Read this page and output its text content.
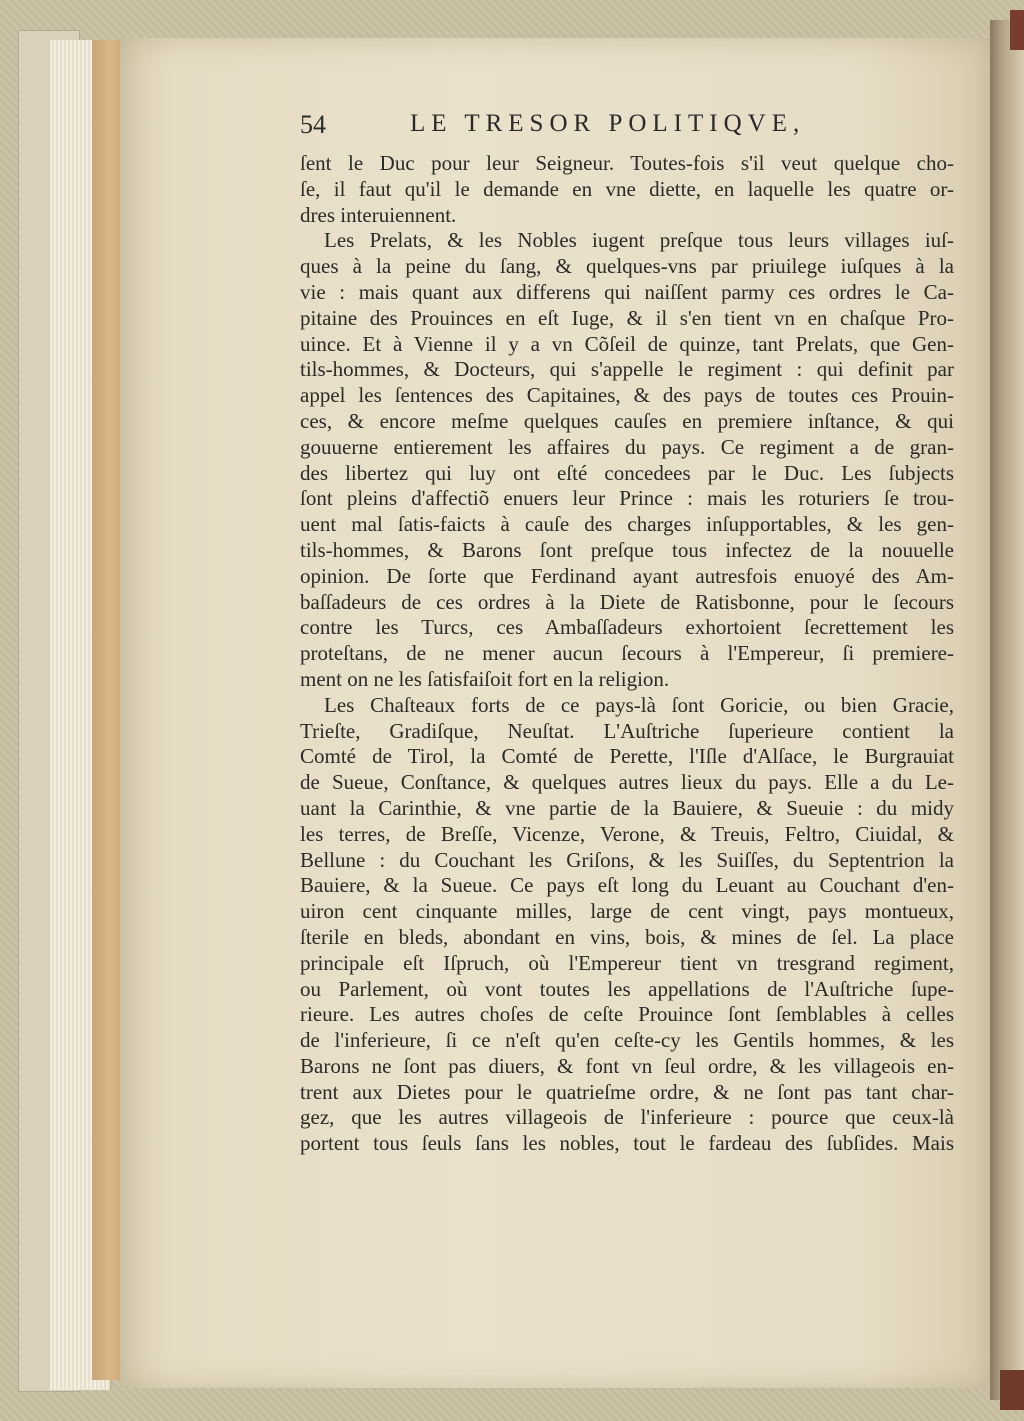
54	LE TRESOR POLITIQVE,
ſent le Duc pour leur Seigneur. Toutes-fois s'il veut quelque cho-
ſe, il faut qu'il le demande en vne diette, en laquelle les quatre or-
dres interuiennent.
Les Prelats, & les Nobles iugent preſque tous leurs villages iuſ-
ques à la peine du ſang, & quelques-vns par priuilege iuſques à la
vie : mais quant aux differens qui naiſſent parmy ces ordres le Ca-
pitaine des Prouinces en eſt Iuge, & il s'en tient vn en chaſque Pro-
uince. Et à Vienne il y a vn Cõſeil de quinze, tant Prelats, que Gen-
tils-hommes, & Docteurs, qui s'appelle le regiment : qui definit par
appel les ſentences des Capitaines, & des pays de toutes ces Prouin-
ces, & encore meſme quelques cauſes en premiere inſtance, & qui
gouuerne entierement les affaires du pays. Ce regiment a de gran-
des libertez qui luy ont eſté concedees par le Duc. Les ſubjects
ſont pleins d'affectiõ enuers leur Prince : mais les roturiers ſe trou-
uent mal ſatis-faicts à cauſe des charges inſupportables, & les gen-
tils-hommes, & Barons ſont preſque tous infectez de la nouuelle
opinion. De ſorte que Ferdinand ayant autresfois enuoyé des Am-
baſſadeurs de ces ordres à la Diete de Ratisbonne, pour le ſecours
contre les Turcs, ces Ambaſſadeurs exhortoient ſecrettement les
proteſtans, de ne mener aucun ſecours à l'Empereur, ſi premiere-
ment on ne les ſatisfaiſoit fort en la religion.
Les Chaſteaux forts de ce pays-là ſont Goricie, ou bien Gracie,
Trieſte, Gradiſque, Neuſtat. L'Auſtriche ſuperieure contient la
Comté de Tirol, la Comté de Perette, l'Iſle d'Alſace, le Burgrauiat
de Sueue, Conſtance, & quelques autres lieux du pays. Elle a du Le-
uant la Carinthie, & vne partie de la Bauiere, & Sueuie : du midy
les terres, de Breſſe, Vicenze, Verone, & Treuis, Feltro, Ciuidal, &
Bellune : du Couchant les Griſons, & les Suiſſes, du Septentrion la
Bauiere, & la Sueue. Ce pays eſt long du Leuant au Couchant d'en-
uiron cent cinquante milles, large de cent vingt, pays montueux,
ſterile en bleds, abondant en vins, bois, & mines de ſel. La place
principale eſt Iſpruch, où l'Empereur tient vn tresgrand regiment,
ou Parlement, où vont toutes les appellations de l'Auſtriche ſupe-
rieure. Les autres choſes de ceſte Prouince ſont ſemblables à celles
de l'inferieure, ſi ce n'eſt qu'en ceſte-cy les Gentils hommes, & les
Barons ne ſont pas diuers, & font vn ſeul ordre, & les villageois en-
trent aux Dietes pour le quatrieſme ordre, & ne ſont pas tant char-
gez, que les autres villageois de l'inferieure : pource que ceux-là
portent tous ſeuls ſans les nobles, tout le fardeau des ſubſides. Mais
